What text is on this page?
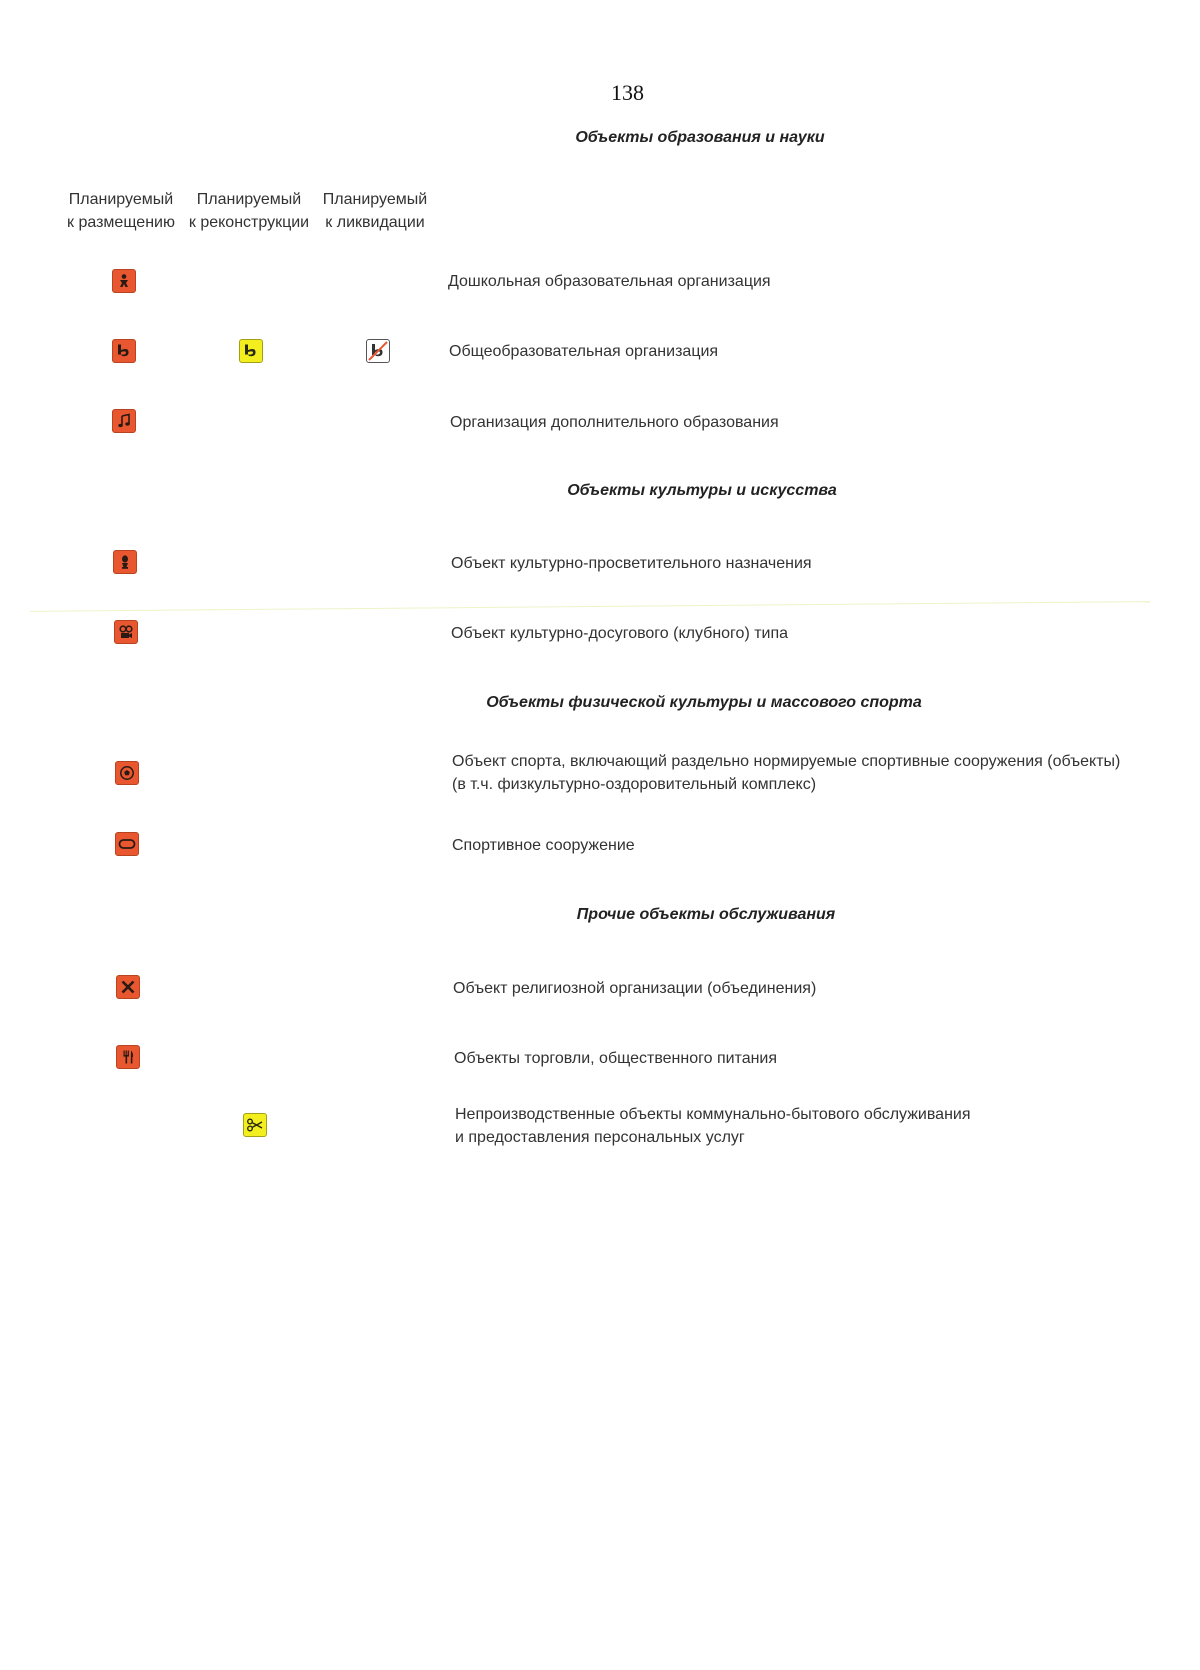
138
Планируемый
к размещению
Планируемый
к реконструкции
Планируемый
к ликвидации
Объекты образования и науки
Дошкольная образовательная организация
Общеобразовательная организация
Организация дополнительного образования
Объекты культуры и искусства
Объект культурно-просветительного назначения
Объект культурно-досугового (клубного) типа
Объекты физической культуры и массового спорта
Объект спорта, включающий раздельно нормируемые спортивные сооружения (объекты)
(в т.ч. физкультурно-оздоровительный комплекс)
Спортивное сооружение
Прочие объекты обслуживания
Объект религиозной организации (объединения)
Объекты торговли, общественного питания
Непроизводственные объекты коммунально-бытового обслуживания
и предоставления персональных услуг
